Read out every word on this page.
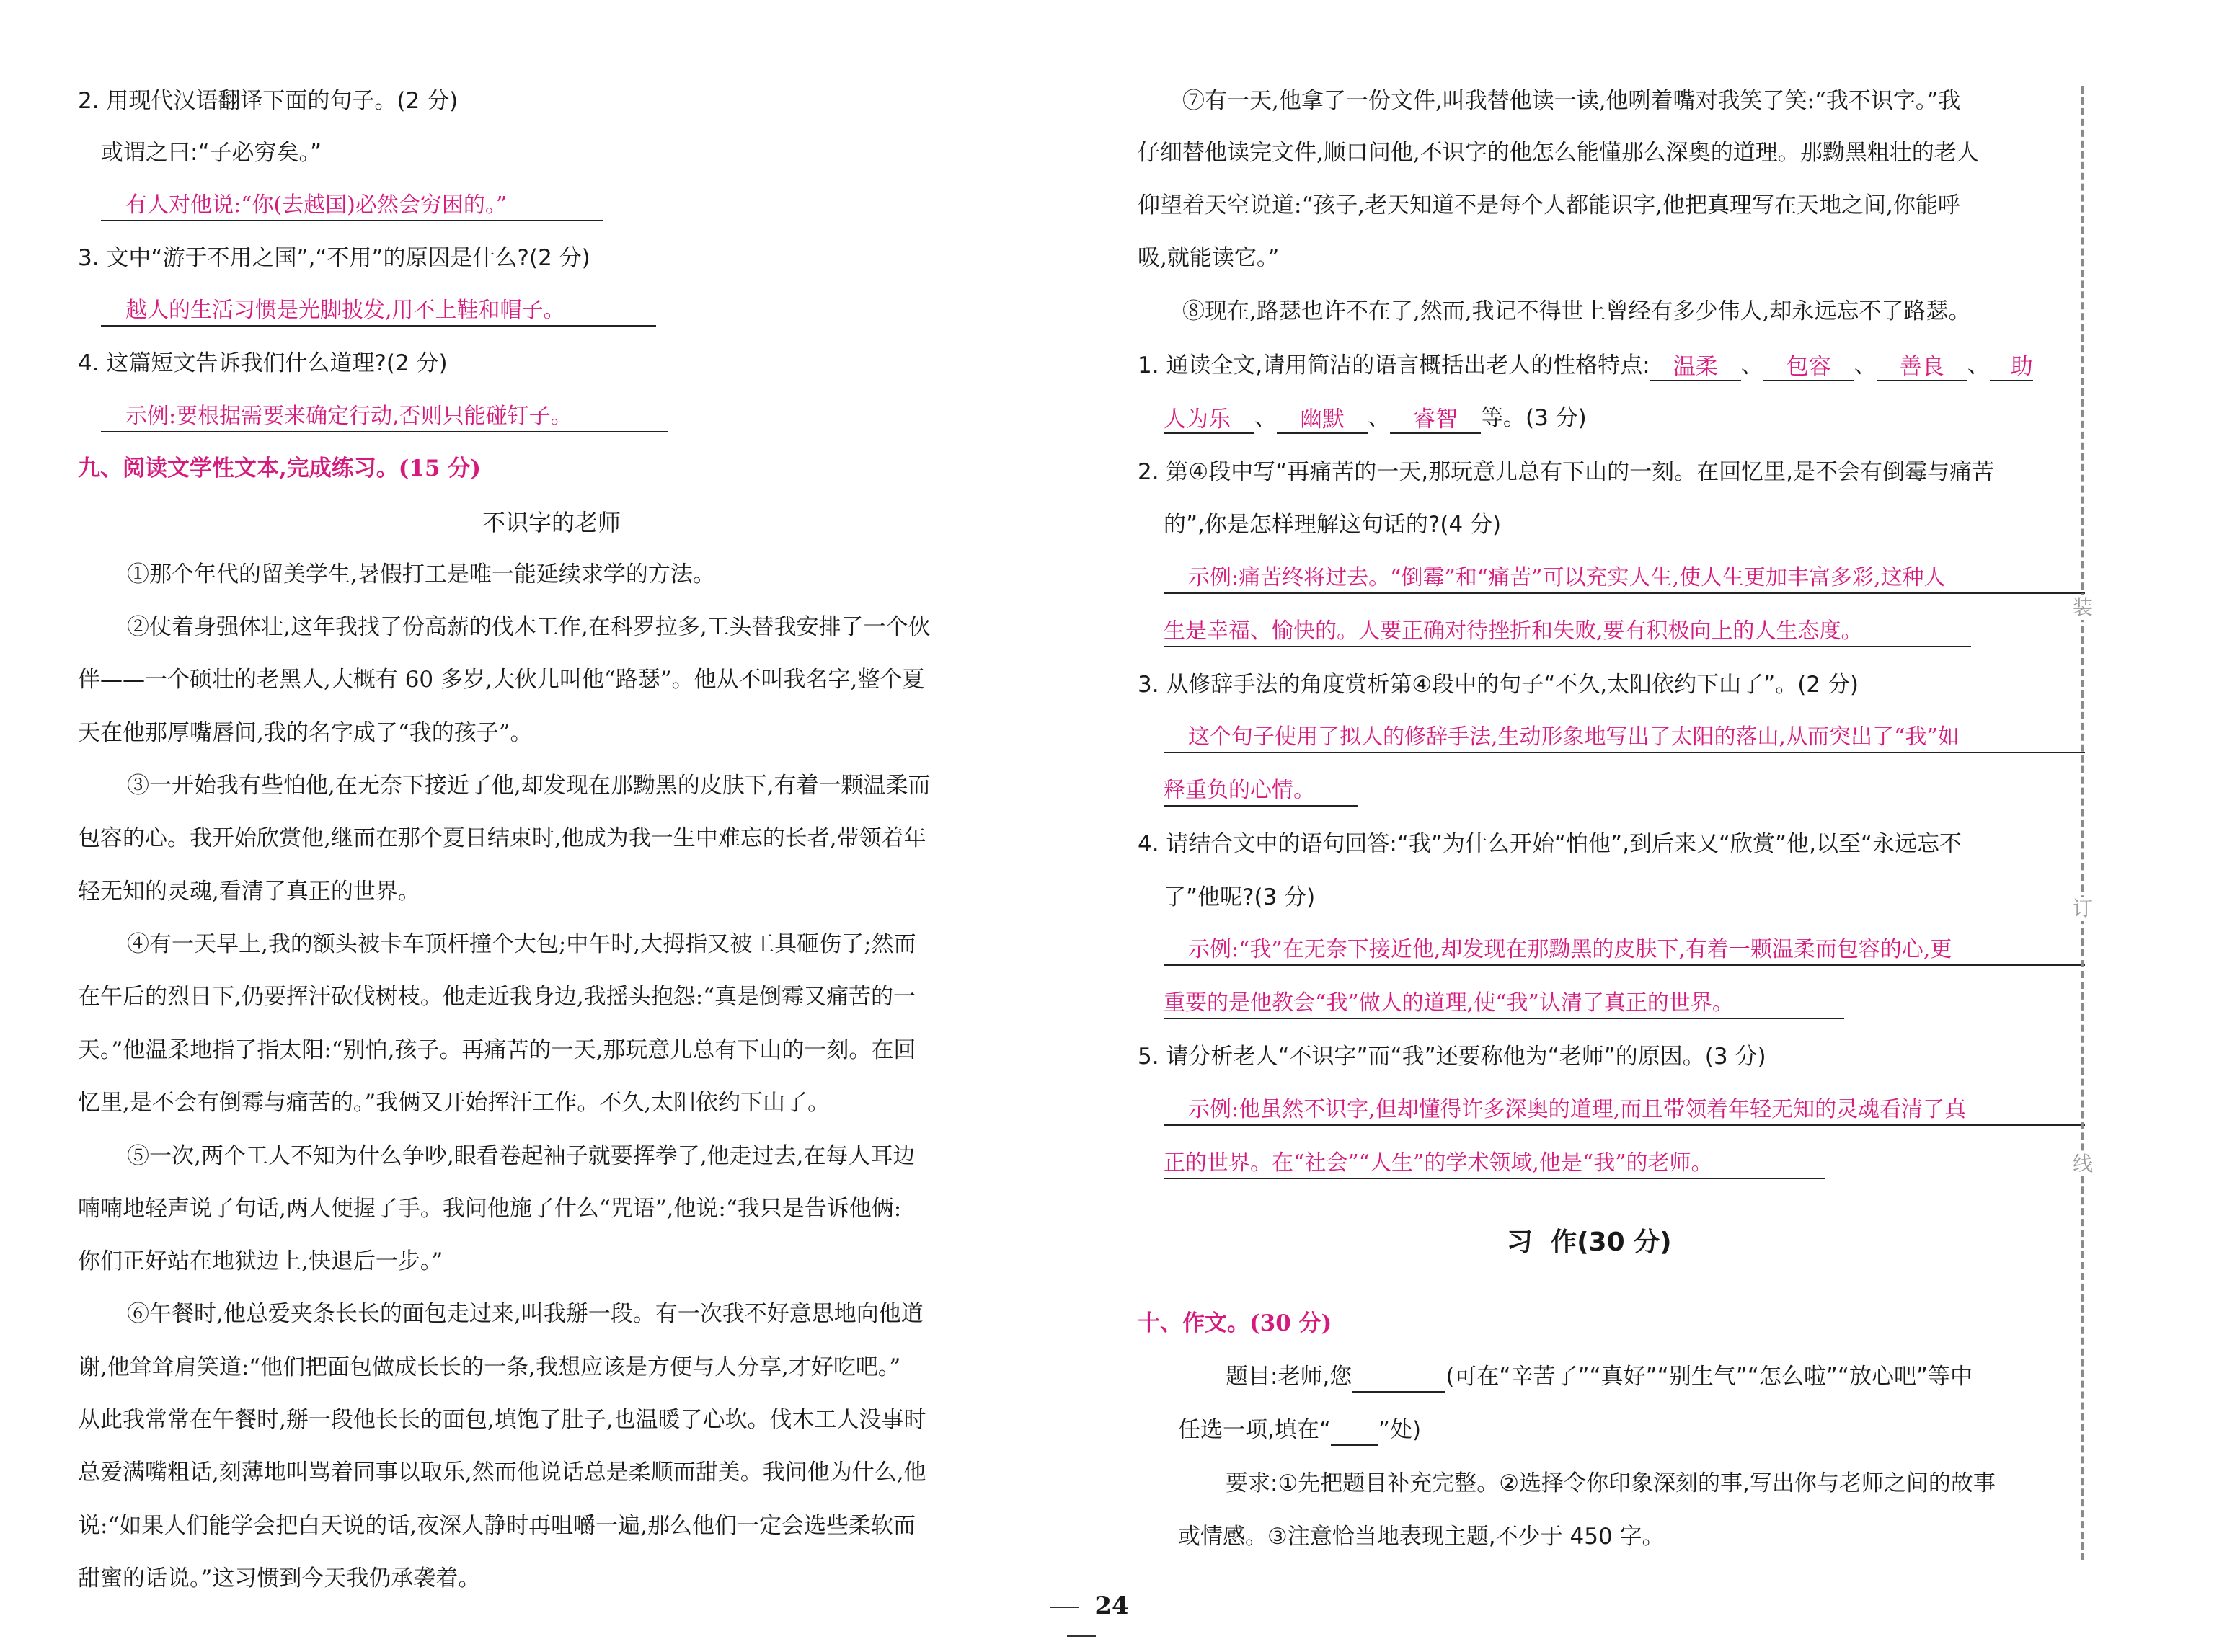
2. 用现代汉语翻译下面的句子。(2 分)
或谓之曰:“子必穷矣。”
有人对他说:“你(去越国)必然会穷困的。”
3. 文中“游于不用之国”,“不用”的原因是什么?(2 分)
越人的生活习惯是光脚披发,用不上鞋和帽子。
4. 这篇短文告诉我们什么道理?(2 分)
示例:要根据需要来确定行动,否则只能碰钉子。
九、阅读文学性文本,完成练习。(15 分)
不识字的老师
①那个年代的留美学生,暑假打工是唯一能延续求学的方法。
②仗着身强体壮,这年我找了份高薪的伐木工作,在科罗拉多,工头替我安排了一个伙
伴——一个硕壮的老黑人,大概有 60 多岁,大伙儿叫他“路瑟”。他从不叫我名字,整个夏
天在他那厚嘴唇间,我的名字成了“我的孩子”。
③一开始我有些怕他,在无奈下接近了他,却发现在那黝黑的皮肤下,有着一颗温柔而
包容的心。我开始欣赏他,继而在那个夏日结束时,他成为我一生中难忘的长者,带领着年
轻无知的灵魂,看清了真正的世界。
④有一天早上,我的额头被卡车顶杆撞个大包;中午时,大拇指又被工具砸伤了;然而
在午后的烈日下,仍要挥汗砍伐树枝。他走近我身边,我摇头抱怨:“真是倒霉又痛苦的一
天。”他温柔地指了指太阳:“别怕,孩子。再痛苦的一天,那玩意儿总有下山的一刻。在回
忆里,是不会有倒霉与痛苦的。”我俩又开始挥汗工作。不久,太阳依约下山了。
⑤一次,两个工人不知为什么争吵,眼看卷起袖子就要挥拳了,他走过去,在每人耳边
喃喃地轻声说了句话,两人便握了手。我问他施了什么“咒语”,他说:“我只是告诉他俩:
你们正好站在地狱边上,快退后一步。”
⑥午餐时,他总爱夹条长长的面包走过来,叫我掰一段。有一次我不好意思地向他道
谢,他耸耸肩笑道:“他们把面包做成长长的一条,我想应该是方便与人分享,才好吃吧。”
从此我常常在午餐时,掰一段他长长的面包,填饱了肚子,也温暖了心坎。伐木工人没事时
总爱满嘴粗话,刻薄地叫骂着同事以取乐,然而他说话总是柔顺而甜美。我问他为什么,他
说:“如果人们能学会把白天说的话,夜深人静时再咀嚼一遍,那么他们一定会选些柔软而
甜蜜的话说。”这习惯到今天我仍承袭着。
⑦有一天,他拿了一份文件,叫我替他读一读,他咧着嘴对我笑了笑:“我不识字。”我
仔细替他读完文件,顺口问他,不识字的他怎么能懂那么深奥的道理。那黝黑粗壮的老人
仰望着天空说道:“孩子,老天知道不是每个人都能识字,他把真理写在天地之间,你能呼
吸,就能读它。”
⑧现在,路瑟也许不在了,然而,我记不得世上曾经有多少伟人,却永远忘不了路瑟。
1. 通读全文,请用简洁的语言概括出老人的性格特点: 温柔 、 包容 、 善良 、 助
人为乐 、 幽默 、 睿智 等。(3 分)
2. 第④段中写“再痛苦的一天,那玩意儿总有下山的一刻。在回忆里,是不会有倒霉与痛苦
的”,你是怎样理解这句话的?(4 分)
示例:痛苦终将过去。“倒霉”和“痛苦”可以充实人生,使人生更加丰富多彩,这种人
生是幸福、愉快的。人要正确对待挫折和失败,要有积极向上的人生态度。
3. 从修辞手法的角度赏析第④段中的句子“不久,太阳依约下山了”。(2 分)
这个句子使用了拟人的修辞手法,生动形象地写出了太阳的落山,从而突出了“我”如
释重负的心情。
4. 请结合文中的语句回答:“我”为什么开始“怕他”,到后来又“欣赏”他,以至“永远忘不
了”他呢?(3 分)
示例:“我”在无奈下接近他,却发现在那黝黑的皮肤下,有着一颗温柔而包容的心,更
重要的是他教会“我”做人的道理,使“我”认清了真正的世界。
5. 请分析老人“不识字”而“我”还要称他为“老师”的原因。(3 分)
示例:他虽然不识字,但却懂得许多深奥的道理,而且带领着年轻无知的灵魂看清了真
正的世界。在“社会”“人生”的学术领域,他是“我”的老师。
习  作(30 分)
十、作文。(30 分)
题目:老师,您	(可在“辛苦了”“真好”“别生气”“怎么啦”“放心吧”等中
任选一项,填在“ ”处)
要求:①先把题目补充完整。②选择令你印象深刻的事,写出你与老师之间的故事
或情感。③注意恰当地表现主题,不少于 450 字。
装
订
线
24
